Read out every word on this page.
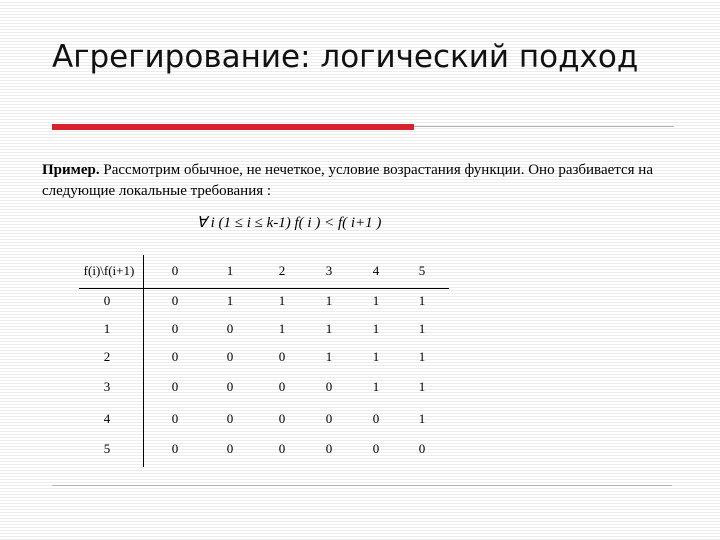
Агрегирование: логический подход

Пример. Рассмотрим обычное, не нечеткое, условие возрастания функции. Оно разбивается на следующие локальные требования :

∀ i (1 ≤ i ≤ k-1) f( i ) < f( i+1 )

f(i)\f(i+1)	0	1	2	3	4	5
0	0	1	1	1	1	1
1	0	0	1	1	1	1
2	0	0	0	1	1	1
3	0	0	0	0	1	1
4	0	0	0	0	0	1
5	0	0	0	0	0	0
